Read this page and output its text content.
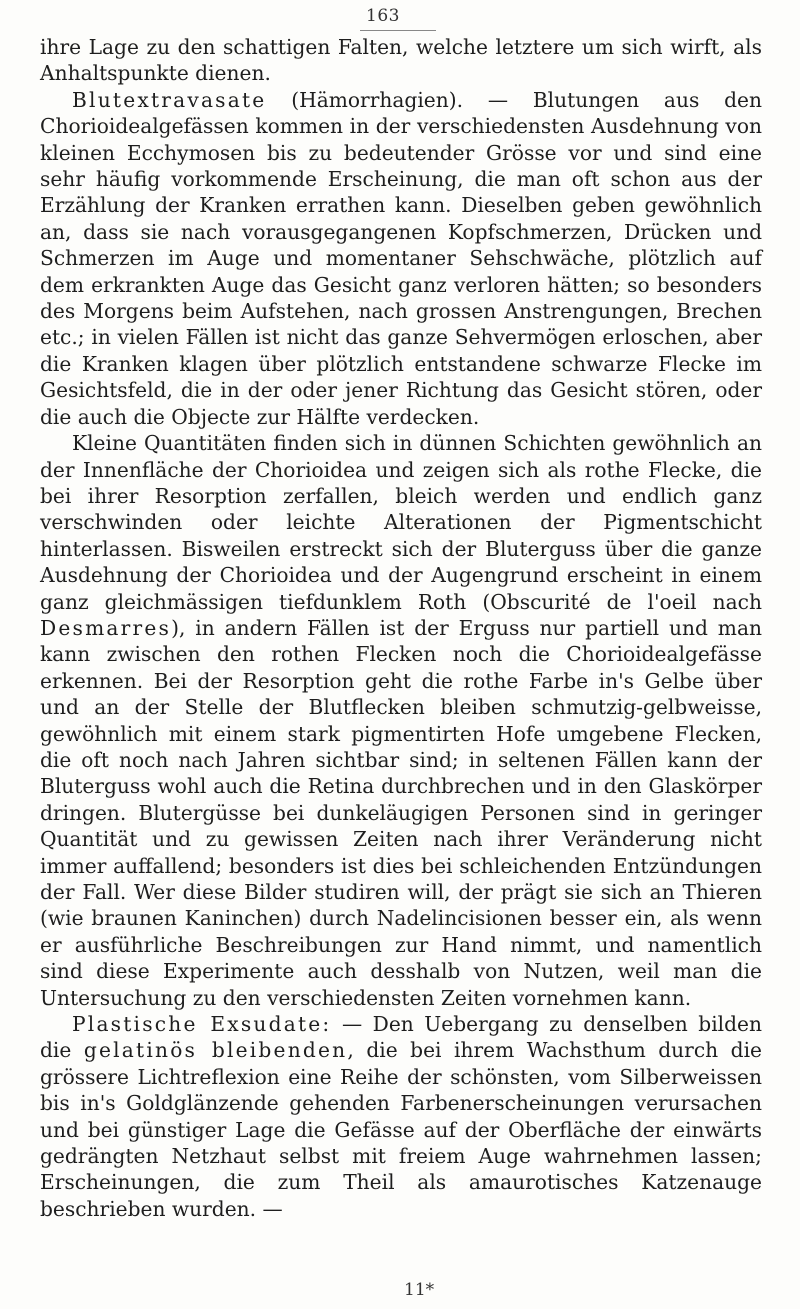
163

ihre Lage zu den schattigen Falten, welche letztere um sich wirft, als Anhaltspunkte dienen.

Blutextravasate (Hämorrhagien). — Blutungen aus den Chorioidealgefässen kommen in der verschiedensten Ausdehnung von kleinen Ecchymosen bis zu bedeutender Grösse vor und sind eine sehr häufig vorkommende Erscheinung, die man oft schon aus der Erzählung der Kranken errathen kann. Dieselben geben gewöhnlich an, dass sie nach vorausgegangenen Kopfschmerzen, Drücken und Schmerzen im Auge und momentaner Sehschwäche, plötzlich auf dem erkrankten Auge das Gesicht ganz verloren hätten; so besonders des Morgens beim Aufstehen, nach grossen Anstrengungen, Brechen etc.; in vielen Fällen ist nicht das ganze Sehvermögen erloschen, aber die Kranken klagen über plötzlich entstandene schwarze Flecke im Gesichtsfeld, die in der oder jener Richtung das Gesicht stören, oder die auch die Objecte zur Hälfte verdecken.

Kleine Quantitäten finden sich in dünnen Schichten gewöhnlich an der Innenfläche der Chorioidea und zeigen sich als rothe Flecke, die bei ihrer Resorption zerfallen, bleich werden und endlich ganz verschwinden oder leichte Alterationen der Pigmentschicht hinterlassen. Bisweilen erstreckt sich der Bluterguss über die ganze Ausdehnung der Chorioidea und der Augengrund erscheint in einem ganz gleichmässigen tiefdunklem Roth (Obscurité de l'oeil nach Desmarres), in andern Fällen ist der Erguss nur partiell und man kann zwischen den rothen Flecken noch die Chorioidealgefässe erkennen. Bei der Resorption geht die rothe Farbe in's Gelbe über und an der Stelle der Blutflecken bleiben schmutzig-gelbweisse, gewöhnlich mit einem stark pigmentirten Hofe umgebene Flecken, die oft noch nach Jahren sichtbar sind; in seltenen Fällen kann der Bluterguss wohl auch die Retina durchbrechen und in den Glaskörper dringen. Blutergüsse bei dunkeläugigen Personen sind in geringer Quantität und zu gewissen Zeiten nach ihrer Veränderung nicht immer auffallend; besonders ist dies bei schleichenden Entzündungen der Fall. Wer diese Bilder studiren will, der prägt sie sich an Thieren (wie braunen Kaninchen) durch Nadelincisionen besser ein, als wenn er ausführliche Beschreibungen zur Hand nimmt, und namentlich sind diese Experimente auch desshalb von Nutzen, weil man die Untersuchung zu den verschiedensten Zeiten vornehmen kann.

Plastische Exsudate: — Den Uebergang zu denselben bilden die gelatinös bleibenden, die bei ihrem Wachsthum durch die grössere Lichtreflexion eine Reihe der schönsten, vom Silberweissen bis in's Goldglänzende gehenden Farbenerscheinungen verursachen und bei günstiger Lage die Gefässe auf der Oberfläche der einwärts gedrängten Netzhaut selbst mit freiem Auge wahrnehmen lassen; Erscheinungen, die zum Theil als amaurotisches Katzenauge beschrieben wurden. —

11*
